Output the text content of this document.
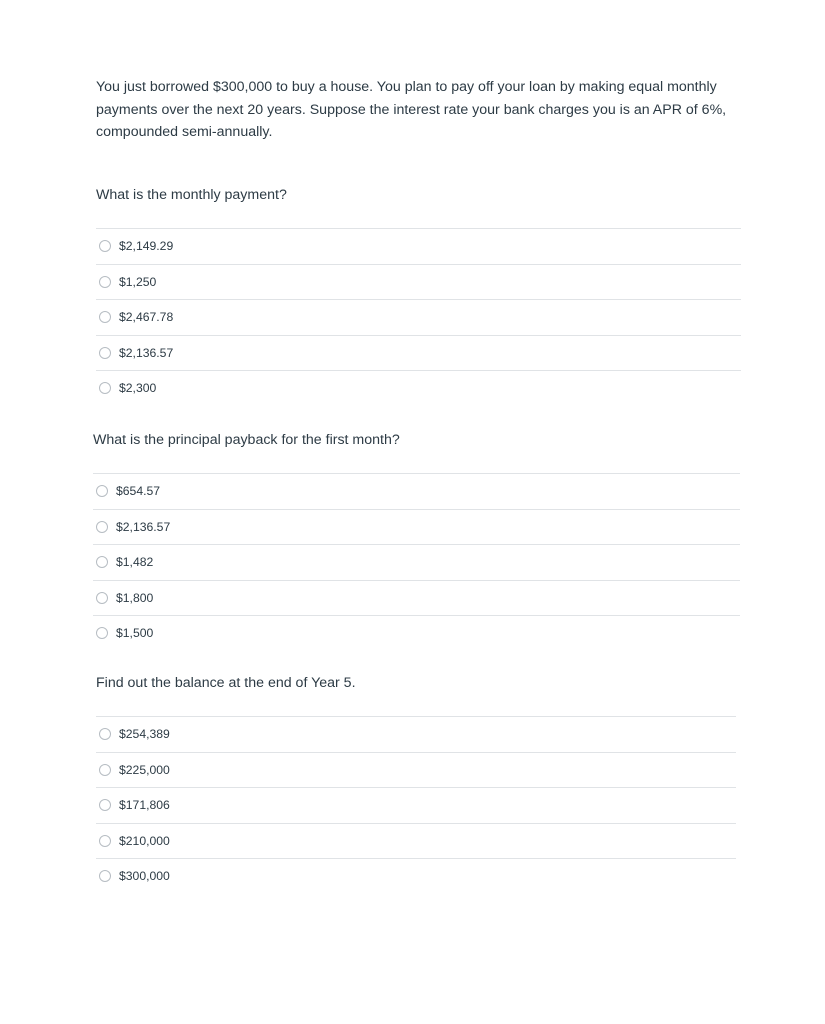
You just borrowed $300,000 to buy a house. You plan to pay off your loan by making equal monthly payments over the next 20 years. Suppose the interest rate your bank charges you is an APR of 6%, compounded semi-annually.

What is the monthly payment?

$2,149.29
$1,250
$2,467.78
$2,136.57
$2,300

What is the principal payback for the first month?

$654.57
$2,136.57
$1,482
$1,800
$1,500

Find out the balance at the end of Year 5.

$254,389
$225,000
$171,806
$210,000
$300,000
